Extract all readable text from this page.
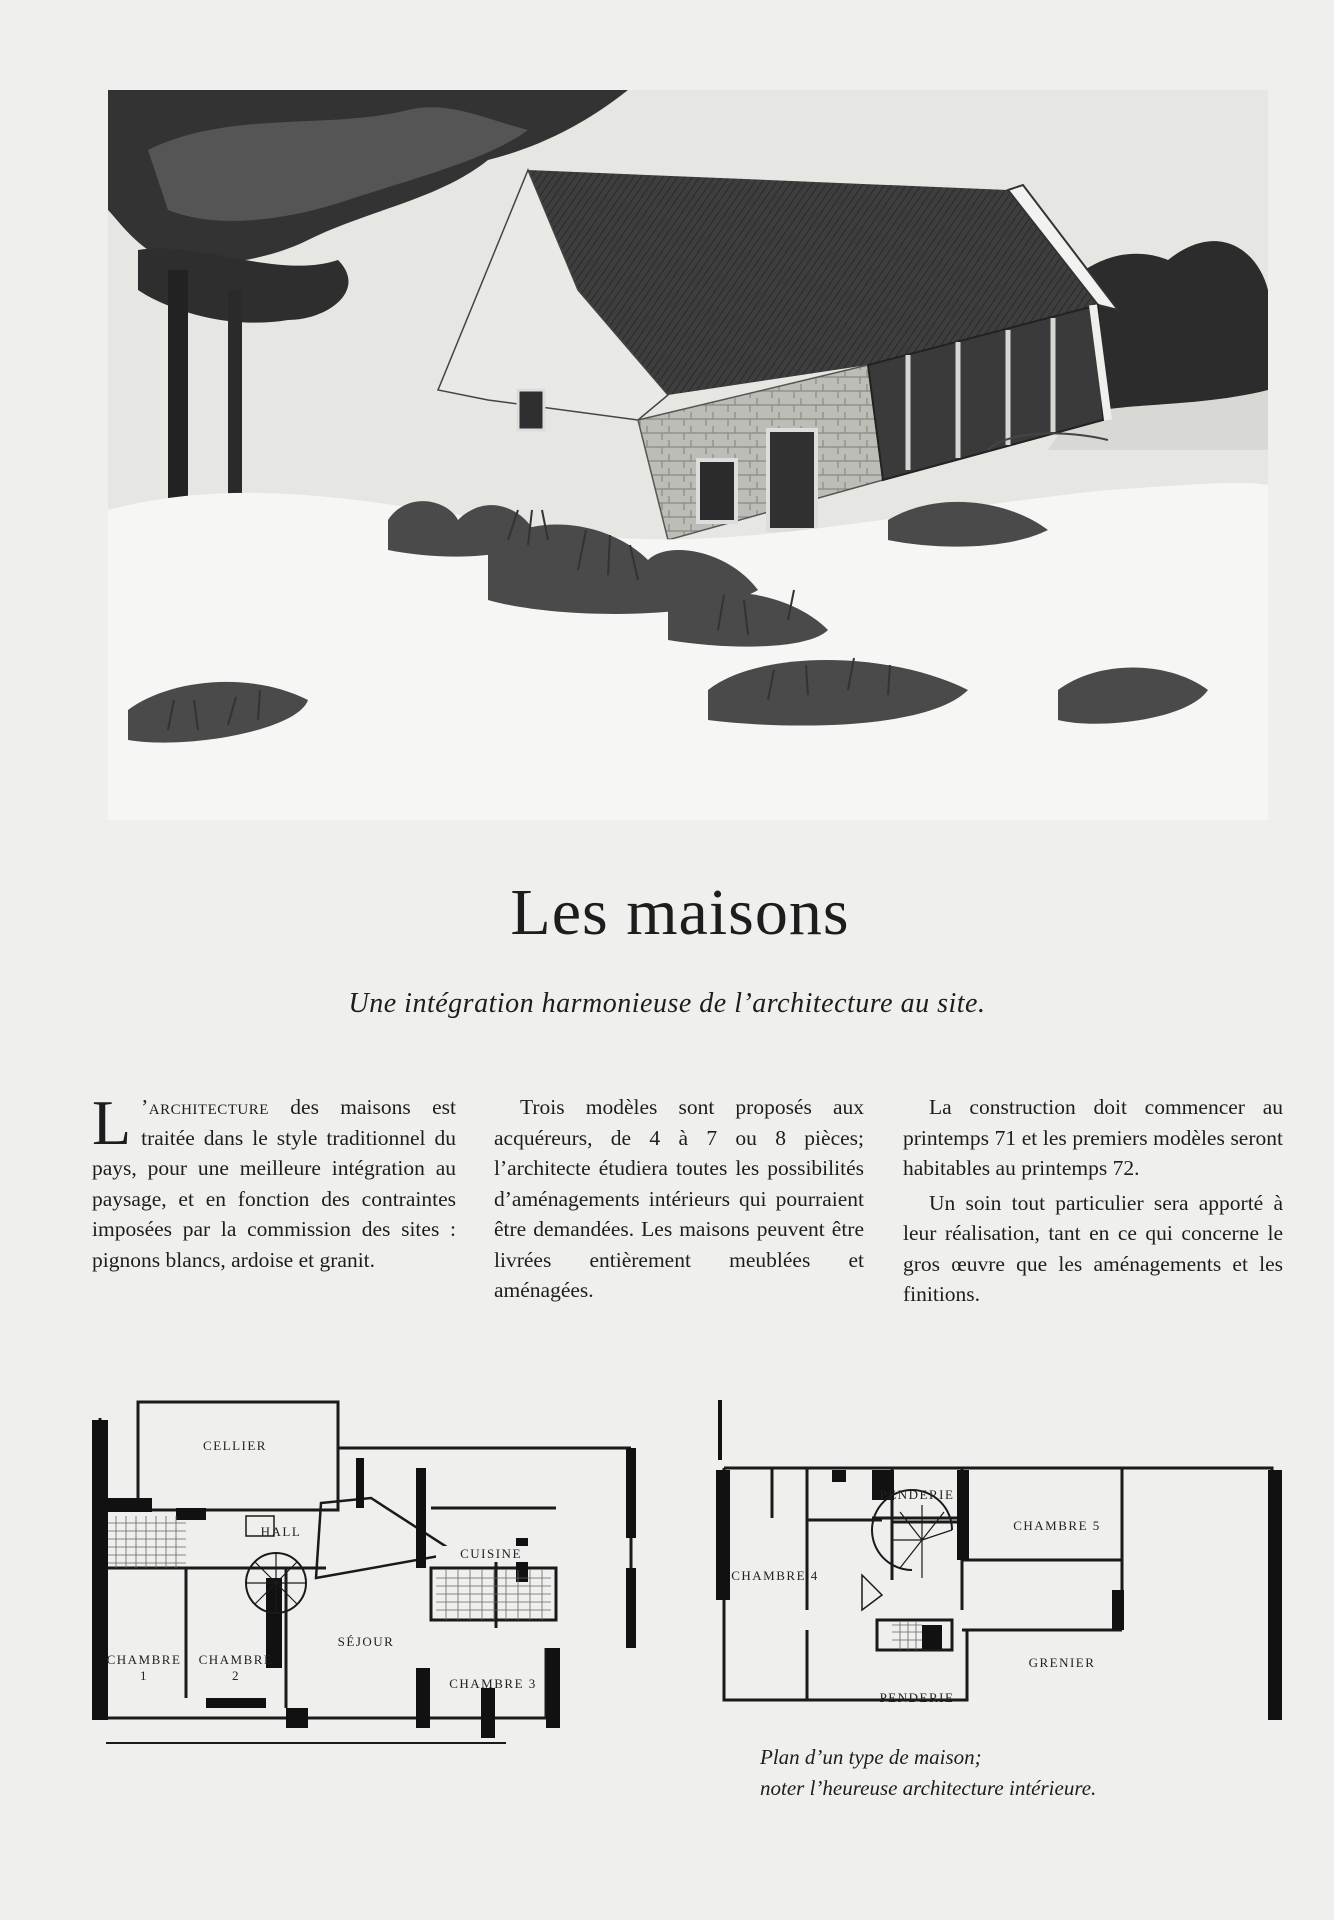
Les maisons
Une intégration harmonieuse de l’architecture au site.

L ’architecture des maisons est traitée dans le style traditionnel du pays, pour une meilleure intégration au paysage, et en fonction des contraintes imposées par la commission des sites : pignons blancs, ardoise et granit.

Trois modèles sont proposés aux acquéreurs, de 4 à 7 ou 8 pièces; l’architecte étudiera toutes les possibilités d’aménagements intérieurs qui pourraient être demandées. Les maisons peuvent être livrées entièrement meublées et aménagées.

La construction doit commencer au printemps 71 et les premiers modèles seront habitables au printemps 72.

Un soin tout particulier sera apporté à leur réalisation, tant en ce qui concerne le gros œuvre que les aménagements et les finitions.

CELLIER
HALL
CUISINE
SÉJOUR
CHAMBRE
1
CHAMBRE
2
CHAMBRE 3
PENDERIE
CHAMBRE 5
CHAMBRE 4
GRENIER
PENDERIE
Plan d’un type de maison;
noter l’heureuse architecture intérieure.
